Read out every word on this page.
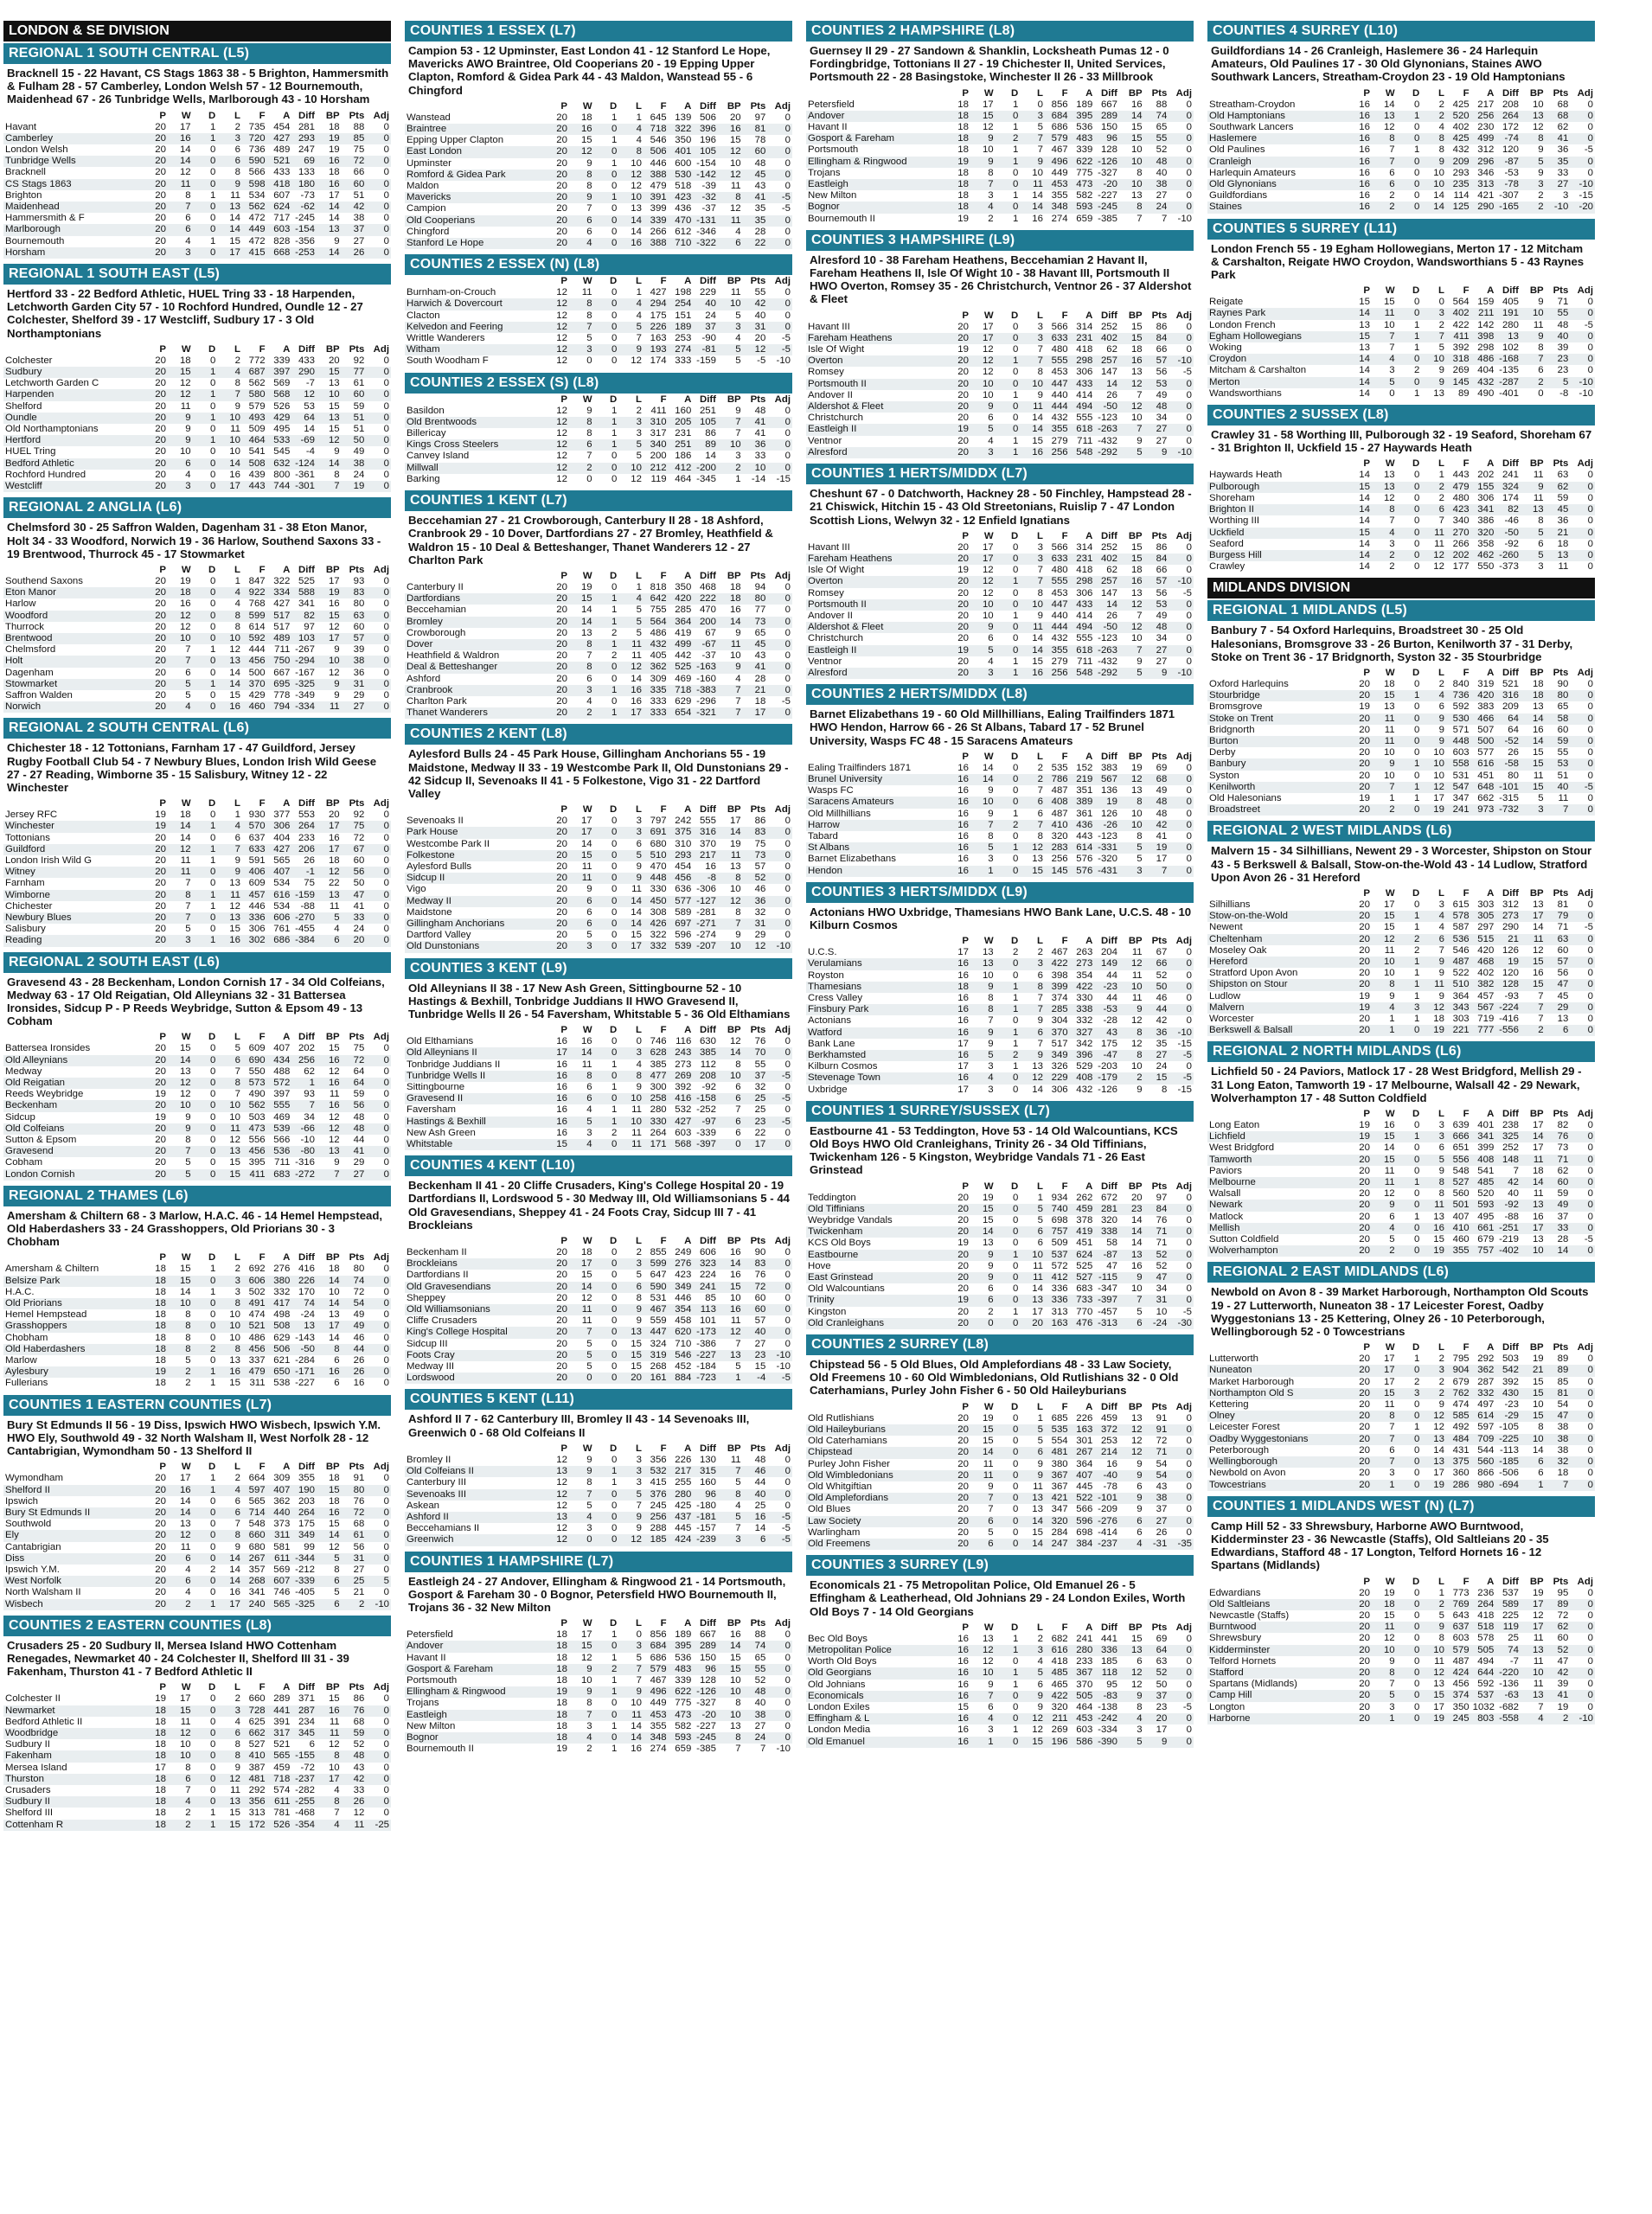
LONDON & SE DIVISION
REGIONAL 1 SOUTH CENTRAL (L5)
Bracknell 15 - 22 Havant, CS Stags 1863 38 - 5 Brighton, Hammersmith & Fulham 28 - 57 Camberley, London Welsh 57 - 12 Bournemouth, Maidenhead 67 - 26 Tunbridge Wells, Marlborough 43 - 10 Horsham
	P	W	D	L	F	A	Diff	BP	Pts	Adj
Havant	20	17	1	2	735	454	281	18	88	0
Camberley	20	16	1	3	720	427	293	19	85	0
London Welsh	20	14	0	6	736	489	247	19	75	0
Tunbridge Wells	20	14	0	6	590	521	69	16	72	0
Bracknell	20	12	0	8	566	433	133	18	66	0
CS Stags 1863	20	11	0	9	598	418	180	16	60	0
Brighton	20	8	1	11	534	607	-73	17	51	0
Maidenhead	20	7	0	13	562	624	-62	14	42	0
Hammersmith & F	20	6	0	14	472	717	-245	14	38	0
Marlborough	20	6	0	14	449	603	-154	13	37	0
Bournemouth	20	4	1	15	472	828	-356	9	27	0
Horsham	20	3	0	17	415	668	-253	14	26	0
REGIONAL 1 SOUTH EAST (L5)
Hertford 33 - 22 Bedford Athletic, HUEL Tring 33 - 18 Harpenden, Letchworth Garden City 57 - 10 Rochford Hundred, Oundle 12 - 27 Colchester, Shelford 39 - 17 Westcliff, Sudbury 17 - 3 Old Northamptonians
	P	W	D	L	F	A	Diff	BP	Pts	Adj
Colchester	20	18	0	2	772	339	433	20	92	0
Sudbury	20	15	1	4	687	397	290	15	77	0
Letchworth Garden C	20	12	0	8	562	569	-7	13	61	0
Harpenden	20	12	1	7	580	568	12	10	60	0
Shelford	20	11	0	9	579	526	53	15	59	0
Oundle	20	9	1	10	493	429	64	13	51	0
Old Northamptonians	20	9	0	11	509	495	14	15	51	0
Hertford	20	9	1	10	464	533	-69	12	50	0
HUEL Tring	20	10	0	10	541	545	-4	9	49	0
Bedford Athletic	20	6	0	14	508	632	-124	14	38	0
Rochford Hundred	20	4	0	16	439	800	-361	8	24	0
Westcliff	20	3	0	17	443	744	-301	7	19	0
REGIONAL 2 ANGLIA (L6)
Chelmsford 30 - 25 Saffron Walden, Dagenham 31 - 38 Eton Manor, Holt 34 - 33 Woodford, Norwich 19 - 36 Harlow, Southend Saxons 33 - 19 Brentwood, Thurrock 45 - 17 Stowmarket
	P	W	D	L	F	A	Diff	BP	Pts	Adj
Southend Saxons	20	19	0	1	847	322	525	17	93	0
Eton Manor	20	18	0	4	922	334	588	19	83	0
Harlow	20	16	0	4	768	427	341	16	80	0
Woodford	20	12	0	8	599	517	82	15	63	0
Thurrock	20	12	0	8	614	517	97	12	60	0
Brentwood	20	10	0	10	592	489	103	17	57	0
Chelmsford	20	7	1	12	444	711	-267	9	39	0
Holt	20	7	0	13	456	750	-294	10	38	0
Dagenham	20	6	0	14	500	667	-167	12	36	0
Stowmarket	20	5	1	14	370	695	-325	9	31	0
Saffron Walden	20	5	0	15	429	778	-349	9	29	0
Norwich	20	4	0	16	460	794	-334	11	27	0
REGIONAL 2 SOUTH CENTRAL (L6)
Chichester 18 - 12 Tottonians, Farnham 17 - 47 Guildford, Jersey Rugby Football Club 54 - 7 Newbury Blues, London Irish Wild Geese 27 - 27 Reading, Wimborne 35 - 15 Salisbury, Witney 12 - 22 Winchester
	P	W	D	L	F	A	Diff	BP	Pts	Adj
Jersey RFC	19	18	0	1	930	377	553	20	92	0
Winchester	19	14	1	4	570	306	264	17	75	0
Tottonians	20	14	0	6	637	404	233	16	72	0
Guildford	20	12	1	7	633	427	206	17	67	0
London Irish Wild G	20	11	1	9	591	565	26	18	60	0
Witney	20	11	0	9	406	407	-1	12	56	0
Farnham	20	7	0	13	609	534	75	22	50	0
Wimborne	20	8	1	11	457	616	-159	13	47	0
Chichester	20	7	1	12	446	534	-88	11	41	0
Newbury Blues	20	7	0	13	336	606	-270	5	33	0
Salisbury	20	5	0	15	306	761	-455	4	24	0
Reading	20	3	1	16	302	686	-384	6	20	0
REGIONAL 2 SOUTH EAST (L6)
Gravesend 43 - 28 Beckenham, London Cornish 17 - 34 Old Colfeians, Medway 63 - 17 Old Reigatian, Old Alleynians 32 - 31 Battersea Ironsides, Sidcup P - P Reeds Weybridge, Sutton & Epsom 49 - 13 Cobham
	P	W	D	L	F	A	Diff	BP	Pts	Adj
Battersea Ironsides	20	15	0	5	609	407	202	15	75	0
Old Alleynians	20	14	0	6	690	434	256	16	72	0
Medway	20	13	0	7	550	488	62	12	64	0
Old Reigatian	20	12	0	8	573	572	1	16	64	0
Reeds Weybridge	19	12	0	7	490	397	93	11	59	0
Beckenham	20	10	0	10	562	555	7	16	56	0
Sidcup	19	9	0	10	503	469	34	12	48	0
Old Colfeians	20	9	0	11	473	539	-66	12	48	0
Sutton & Epsom	20	8	0	12	556	566	-10	12	44	0
Gravesend	20	7	0	13	456	536	-80	13	41	0
Cobham	20	5	0	15	395	711	-316	9	29	0
London Cornish	20	5	0	15	411	683	-272	7	27	0
REGIONAL 2 THAMES (L6)
Amersham & Chiltern 68 - 3 Marlow, H.A.C. 46 - 14 Hemel Hempstead, Old Haberdashers 33 - 24 Grasshoppers, Old Priorians 30 - 3 Chobham
	P	W	D	L	F	A	Diff	BP	Pts	Adj
Amersham & Chiltern	18	15	1	2	692	276	416	18	80	0
Belsize Park	18	15	0	3	606	380	226	14	74	0
H.A.C.	18	14	1	3	502	332	170	10	72	0
Old Priorians	18	10	0	8	491	417	74	14	54	0
Hemel Hempstead	18	8	0	10	474	498	-24	13	49	0
Grasshoppers	18	8	0	10	521	508	13	17	49	0
Chobham	18	8	0	10	486	629	-143	14	46	0
Old Haberdashers	18	8	2	8	456	506	-50	8	44	0
Marlow	18	5	0	13	337	621	-284	6	26	0
Aylesbury	19	2	1	16	479	650	-171	16	26	0
Fullerians	18	2	1	15	311	538	-227	6	16	0
COUNTIES 1 EASTERN COUNTIES (L7)
Bury St Edmunds II 56 - 19 Diss, Ipswich HWO Wisbech, Ipswich Y.M. HWO Ely, Southwold 49 - 32 North Walsham II, West Norfolk 28 - 12 Cantabrigian, Wymondham 50 - 13 Shelford II
	P	W	D	L	F	A	Diff	BP	Pts	Adj
Wymondham	20	17	1	2	664	309	355	18	91	0
Shelford II	20	16	1	4	597	407	190	15	80	0
Ipswich	20	14	0	6	565	362	203	18	76	0
Bury St Edmunds II	20	14	0	6	714	440	264	16	72	0
Southwold	20	13	0	7	548	373	175	15	68	0
Ely	20	12	0	8	660	311	349	14	61	0
Cantabrigian	20	11	0	9	680	581	99	12	56	0
Diss	20	6	0	14	267	611	-344	5	31	0
Ipswich Y.M.	20	4	2	14	357	569	-212	8	27	0
West Norfolk	20	6	0	14	268	607	-339	6	25	5
North Walsham II	20	4	0	16	341	746	-405	5	21	0
Wisbech	20	2	1	17	240	565	-325	6	2	-10
COUNTIES 2 EASTERN COUNTIES (L8)
Crusaders 25 - 20 Sudbury II, Mersea Island HWO Cottenham Renegades, Newmarket 40 - 24 Colchester II, Shelford III 31 - 39 Fakenham, Thurston 41 - 7 Bedford Athletic II
	P	W	D	L	F	A	Diff	BP	Pts	Adj
Colchester II	19	17	0	2	660	289	371	15	86	0
Newmarket	18	15	0	3	728	441	287	16	76	0
Bedford Athletic II	18	11	0	4	625	391	234	11	68	0
Woodbridge	18	12	0	6	662	317	345	11	59	0
Sudbury II	18	10	0	8	527	521	6	12	52	0
Fakenham	18	10	0	8	410	565	-155	8	48	0
Mersea Island	17	8	0	9	387	459	-72	10	43	0
Thurston	18	6	0	12	481	718	-237	17	42	0
Crusaders	18	7	0	11	292	574	-282	4	33	0
Sudbury II	18	4	0	13	356	611	-255	8	26	0
Shelford III	18	2	1	15	313	781	-468	7	12	0
Cottenham R	18	2	1	15	172	526	-354	4	11	-25
COUNTIES 1 ESSEX (L7)
Campion 53 - 12 Upminster, East London 41 - 12 Stanford Le Hope, Mavericks AWO Braintree, Old Cooperians 20 - 19 Epping Upper Clapton, Romford & Gidea Park 44 - 43 Maldon, Wanstead 55 - 6 Chingford
	P	W	D	L	F	A	Diff	BP	Pts	Adj
Wanstead	20	18	1	1	645	139	506	20	97	0
Braintree	20	16	0	4	718	322	396	16	81	0
Epping Upper Clapton	20	15	1	4	546	350	196	15	78	0
East London	20	12	0	8	506	401	105	12	60	0
Upminster	20	9	1	10	446	600	-154	10	48	0
Romford & Gidea Park	20	8	0	12	388	530	-142	12	45	0
Maldon	20	8	0	12	479	518	-39	11	43	0
Mavericks	20	9	1	10	391	423	-32	8	41	-5
Campion	20	7	0	13	399	436	-37	12	35	-5
Old Cooperians	20	6	0	14	339	470	-131	11	35	0
Chingford	20	6	0	14	266	612	-346	4	28	0
Stanford Le Hope	20	4	0	16	388	710	-322	6	22	0
COUNTIES 2 ESSEX (N) (L8)
	P	W	D	L	F	A	Diff	BP	Pts	Adj
Burnham-on-Crouch	12	11	0	1	427	198	229	11	55	0
Harwich & Dovercourt	12	8	0	4	294	254	40	10	42	0
Clacton	12	8	0	4	175	151	24	5	40	0
Kelvedon and Feering	12	7	0	5	226	189	37	3	31	0
Writtle Wanderers	12	5	0	7	163	253	-90	4	20	-5
Witham	12	3	0	9	193	274	-81	5	12	-5
South Woodham F	12	0	0	12	174	333	-159	5	-5	-10
COUNTIES 2 ESSEX (S) (L8)
	P	W	D	L	F	A	Diff	BP	Pts	Adj
Basildon	12	9	1	2	411	160	251	9	48	0
Old Brentwoods	12	8	1	3	310	205	105	7	41	0
Billericay	12	8	1	3	317	231	86	7	41	0
Kings Cross Steelers	12	6	1	5	340	251	89	10	36	0
Canvey Island	12	7	0	5	200	186	14	3	33	0
Millwall	12	2	0	10	212	412	-200	2	10	0
Barking	12	0	0	12	119	464	-345	1	-14	-15
COUNTIES 1 KENT (L7)
Beccehamian 27 - 21 Crowborough, Canterbury II 28 - 18 Ashford, Cranbrook 29 - 10 Dover, Dartfordians 27 - 27 Bromley, Heathfield & Waldron 15 - 10 Deal & Betteshanger, Thanet Wanderers 12 - 27 Charlton Park
	P	W	D	L	F	A	Diff	BP	Pts	Adj
Canterbury II	20	19	0	1	818	350	468	18	94	0
Dartfordians	20	15	1	4	642	420	222	18	80	0
Beccehamian	20	14	1	5	755	285	470	16	77	0
Bromley	20	14	1	5	564	364	200	14	73	0
Crowborough	20	13	2	5	486	419	67	9	65	0
Dover	20	8	1	11	432	499	-67	11	45	0
Heathfield & Waldron	20	7	2	11	405	442	-37	10	43	0
Deal & Betteshanger	20	8	0	12	362	525	-163	9	41	0
Ashford	20	6	0	14	309	469	-160	4	28	0
Cranbrook	20	3	1	16	335	718	-383	7	21	0
Charlton Park	20	4	0	16	333	629	-296	7	18	-5
Thanet Wanderers	20	2	1	17	333	654	-321	7	17	0
COUNTIES 2 KENT (L8)
Aylesford Bulls 24 - 45 Park House, Gillingham Anchorians 55 - 19 Maidstone, Medway II 33 - 19 Westcombe Park II, Old Dunstonians 29 - 42 Sidcup II, Sevenoaks II 41 - 5 Folkestone, Vigo 31 - 22 Dartford Valley
	P	W	D	L	F	A	Diff	BP	Pts	Adj
Sevenoaks II	20	17	0	3	797	242	555	17	86	0
Park House	20	17	0	3	691	375	316	14	83	0
Westcombe Park II	20	14	0	6	680	310	370	19	75	0
Folkestone	20	15	0	5	510	293	217	11	73	0
Aylesford Bulls	20	11	0	9	470	454	16	13	57	0
Sidcup II	20	11	0	9	448	456	-8	8	52	0
Vigo	20	9	0	11	330	636	-306	10	46	0
Medway II	20	6	0	14	450	577	-127	12	36	0
Maidstone	20	6	0	14	308	589	-281	8	32	0
Gillingham Anchorians	20	6	0	14	426	697	-271	7	31	0
Dartford Valley	20	5	0	15	322	596	-274	9	29	0
Old Dunstonians	20	3	0	17	332	539	-207	10	12	-10
COUNTIES 3 KENT (L9)
Old Alleynians II 38 - 17 New Ash Green, Sittingbourne 52 - 10 Hastings & Bexhill, Tonbridge Juddians II HWO Gravesend II, Tunbridge Wells II 26 - 54 Faversham, Whitstable 5 - 36 Old Elthamians
	P	W	D	L	F	A	Diff	BP	Pts	Adj
Old Elthamians	16	16	0	0	746	116	630	12	76	0
Old Alleynians II	17	14	0	3	628	243	385	14	70	0
Tonbridge Juddians II	16	11	1	4	385	273	112	8	55	0
Tunbridge Wells II	16	8	0	8	477	269	208	10	37	-5
Sittingbourne	16	6	1	9	300	392	-92	6	32	0
Gravesend II	16	6	0	10	258	416	-158	6	25	-5
Faversham	16	4	1	11	280	532	-252	7	25	0
Hastings & Bexhill	16	5	1	10	330	427	-97	6	23	-5
New Ash Green	16	3	2	11	264	603	-339	6	22	0
Whitstable	15	4	0	11	171	568	-397	0	17	0
COUNTIES 4 KENT (L10)
Beckenham II 41 - 20 Cliffe Crusaders, King's College Hospital 20 - 19 Dartfordians II, Lordswood 5 - 30 Medway III, Old Williamsonians 5 - 44 Old Gravesendians, Sheppey 41 - 24 Foots Cray, Sidcup III 7 - 41 Brockleians
	P	W	D	L	F	A	Diff	BP	Pts	Adj
Beckenham II	20	18	0	2	855	249	606	16	90	0
Brockleians	20	17	0	3	599	276	323	14	83	0
Dartfordians II	20	15	0	5	647	423	224	16	76	0
Old Gravesendians	20	14	0	6	590	349	241	15	72	0
Sheppey	20	12	0	8	531	446	85	10	60	0
Old Williamsonians	20	11	0	9	467	354	113	16	60	0
Cliffe Crusaders	20	11	0	9	559	458	101	11	57	0
King's College Hospital	20	7	0	13	447	620	-173	12	40	0
Sidcup III	20	5	0	15	324	710	-386	7	27	0
Foots Cray	20	5	0	15	319	546	-227	13	23	-10
Medway III	20	5	0	15	268	452	-184	5	15	-10
Lordswood	20	0	0	20	161	884	-723	1	-4	-5
COUNTIES 5 KENT (L11)
Ashford II 7 - 62 Canterbury III, Bromley II 43 - 14 Sevenoaks III, Greenwich 0 - 68 Old Colfeians II
	P	W	D	L	F	A	Diff	BP	Pts	Adj
Bromley II	12	9	0	3	356	226	130	11	48	0
Old Colfeians II	13	9	1	3	532	217	315	7	46	0
Canterbury III	12	8	1	3	415	255	160	5	44	0
Sevenoaks III	12	7	0	5	376	280	96	8	40	0
Askean	12	5	0	7	245	425	-180	4	25	0
Ashford II	13	4	0	9	256	437	-181	5	16	-5
Beccehamians II	12	3	0	9	288	445	-157	7	14	-5
Greenwich	12	0	0	12	185	424	-239	3	6	-5
COUNTIES 1 HAMPSHIRE (L7)
Eastleigh 24 - 27 Andover, Ellingham & Ringwood 21 - 14 Portsmouth, Gosport & Fareham 30 - 0 Bognor, Petersfield HWO Bournemouth II, Trojans 36 - 32 New Milton
	P	W	D	L	F	A	Diff	BP	Pts	Adj
Petersfield	18	17	1	0	856	189	667	16	88	0
Andover	18	15	0	3	684	395	289	14	74	0
Havant II	18	12	1	5	686	536	150	15	65	0
Gosport & Fareham	18	9	2	7	579	483	96	15	55	0
Portsmouth	18	10	1	7	467	339	128	10	52	0
Ellingham & Ringwood	19	9	1	9	496	622	-126	10	48	0
Trojans	18	8	0	10	449	775	-327	8	40	0
Eastleigh	18	7	0	11	453	473	-20	10	38	0
New Milton	18	3	1	14	355	582	-227	13	27	0
Bognor	18	4	0	14	348	593	-245	8	24	0
Bournemouth II	19	2	1	16	274	659	-385	7	7	-10
COUNTIES 2 HAMPSHIRE (L8)
Guernsey II 29 - 27 Sandown & Shanklin, Locksheath Pumas 12 - 0 Fordingbridge, Tottonians II 27 - 19 Chichester II, United Services, Portsmouth 22 - 28 Basingstoke, Winchester II 26 - 33 Millbrook
	P	W	D	L	F	A	Diff	BP	Pts	Adj
Petersfield	18	17	1	0	856	189	667	16	88	0
Andover	18	15	0	3	684	395	289	14	74	0
Havant II	18	12	1	5	686	536	150	15	65	0
Gosport & Fareham	18	9	2	7	579	483	96	15	55	0
Portsmouth	18	10	1	7	467	339	128	10	52	0
Ellingham & Ringwood	19	9	1	9	496	622	-126	10	48	0
Trojans	18	8	0	10	449	775	-327	8	40	0
Eastleigh	18	7	0	11	453	473	-20	10	38	0
New Milton	18	3	1	14	355	582	-227	13	27	0
Bognor	18	4	0	14	348	593	-245	8	24	0
Bournemouth II	19	2	1	16	274	659	-385	7	7	-10
COUNTIES 3 HAMPSHIRE (L9)
Alresford 10 - 38 Fareham Heathens, Beccehamian 2 Havant II, Fareham Heathens II, Isle Of Wight 10 - 38 Havant III, Portsmouth II HWO Overton, Romsey 35 - 26 Christchurch, Ventnor 26 - 37 Aldershot & Fleet
	P	W	D	L	F	A	Diff	BP	Pts	Adj
Havant III	20	17	0	3	566	314	252	15	86	0
Fareham Heathens	20	17	0	3	633	231	402	15	84	0
Isle Of Wight	19	12	0	7	480	418	62	18	66	0
Overton	20	12	1	7	555	298	257	16	57	-10
Romsey	20	12	0	8	453	306	147	13	56	-5
Portsmouth II	20	10	0	10	447	433	14	12	53	0
Andover II	20	10	1	9	440	414	26	7	49	0
Aldershot & Fleet	20	9	0	11	444	494	-50	12	48	0
Christchurch	20	6	0	14	432	555	-123	10	34	0
Eastleigh II	19	5	0	14	355	618	-263	7	27	0
Ventnor	20	4	1	15	279	711	-432	9	27	0
Alresford	20	3	1	16	256	548	-292	5	9	-10
COUNTIES 1 HERTS/MIDDX (L7)
Cheshunt 67 - 0 Datchworth, Hackney 28 - 50 Finchley, Hampstead 28 - 21 Chiswick, Hitchin 15 - 43 Old Streetonians, Ruislip 7 - 47 London Scottish Lions, Welwyn 32 - 12 Enfield Ignatians
	P	W	D	L	F	A	Diff	BP	Pts	Adj
Havant III	20	17	0	3	566	314	252	15	86	0
Fareham Heathens	20	17	0	3	633	231	402	15	84	0
Isle Of Wight	19	12	0	7	480	418	62	18	66	0
Overton	20	12	1	7	555	298	257	16	57	-10
Romsey	20	12	0	8	453	306	147	13	56	-5
Portsmouth II	20	10	0	10	447	433	14	12	53	0
Andover II	20	10	1	9	440	414	26	7	49	0
Aldershot & Fleet	20	9	0	11	444	494	-50	12	48	0
Christchurch	20	6	0	14	432	555	-123	10	34	0
Eastleigh II	19	5	0	14	355	618	-263	7	27	0
Ventnor	20	4	1	15	279	711	-432	9	27	0
Alresford	20	3	1	16	256	548	-292	5	9	-10
COUNTIES 2 HERTS/MIDDX (L8)
Barnet Elizabethans 19 - 60 Old Millhillians, Ealing Trailfinders 1871 HWO Hendon, Harrow 66 - 26 St Albans, Tabard 17 - 52 Brunel University, Wasps FC 48 - 15 Saracens Amateurs
	P	W	D	L	F	A	Diff	BP	Pts	Adj
Ealing Trailfinders 1871	16	14	0	2	535	152	383	19	69	0
Brunel University	16	14	0	2	786	219	567	12	68	0
Wasps FC	16	9	0	7	487	351	136	13	49	0
Saracens Amateurs	16	10	0	6	408	389	19	8	48	0
Old Millhillians	16	9	1	6	487	361	126	10	48	0
Harrow	16	7	2	7	410	436	-26	10	42	0
Tabard	16	8	0	8	320	443	-123	8	41	0
St Albans	16	5	1	12	283	614	-331	5	19	0
Barnet Elizabethans	16	3	0	13	256	576	-320	5	17	0
Hendon	16	1	0	15	145	576	-431	3	7	0
COUNTIES 3 HERTS/MIDDX (L9)
Actonians HWO Uxbridge, Thamesians HWO Bank Lane, U.C.S. 48 - 10 Kilburn Cosmos
	P	W	D	L	F	A	Diff	BP	Pts	Adj
U.C.S.	17	13	2	2	467	263	204	11	67	0
Verulamians	16	13	0	3	422	273	149	12	66	0
Royston	16	10	0	6	398	354	44	11	52	0
Thamesians	18	9	1	8	399	422	-23	10	50	0
Cress Valley	16	8	1	7	374	330	44	11	46	0
Finsbury Park	16	8	1	7	285	338	-53	9	44	0
Actonians	16	7	0	9	304	332	-28	12	42	0
Watford	16	9	1	6	370	327	43	8	36	-10
Bank Lane	17	9	1	7	517	342	175	12	35	-15
Berkhamsted	16	5	2	9	349	396	-47	8	27	-5
Kilburn Cosmos	17	3	1	13	326	529	-203	10	24	0
Stevenage Town	16	4	0	12	229	408	-179	2	15	-5
Uxbridge	17	3	0	14	306	432	-126	9	8	-15
COUNTIES 1 SURREY/SUSSEX (L7)
Eastbourne 41 - 53 Teddington, Hove 53 - 14 Old Walcountians, KCS Old Boys HWO Old Cranleighans, Trinity 26 - 34 Old Tiffinians, Twickenham 126 - 5 Kingston, Weybridge Vandals 71 - 26 East Grinstead
	P	W	D	L	F	A	Diff	BP	Pts	Adj
Teddington	20	19	0	1	934	262	672	20	97	0
Old Tiffinians	20	15	0	5	740	459	281	23	84	0
Weybridge Vandals	20	15	0	5	698	378	320	14	76	0
Twickenham	20	14	0	6	757	419	338	14	71	0
KCS Old Boys	19	13	0	6	509	451	58	14	71	0
Eastbourne	20	9	1	10	537	624	-87	13	52	0
Hove	20	9	0	11	572	525	47	16	52	0
East Grinstead	20	9	0	11	412	527	-115	9	47	0
Old Walcountians	20	6	0	14	336	683	-347	10	34	0
Trinity	19	6	0	13	336	733	-397	7	31	0
Kingston	20	2	1	17	313	770	-457	5	10	-5
Old Cranleighans	20	0	0	20	163	476	-313	6	-24	-30
COUNTIES 2 SURREY (L8)
Chipstead 56 - 5 Old Blues, Old Amplefordians 48 - 33 Law Society, Old Freemens 10 - 60 Old Wimbledonians, Old Rutlishians 32 - 0 Old Caterhamians, Purley John Fisher 6 - 50 Old Haileyburians
	P	W	D	L	F	A	Diff	BP	Pts	Adj
Old Rutlishians	20	19	0	1	685	226	459	13	91	0
Old Haileyburians	20	15	0	5	535	163	372	12	91	0
Old Caterhamians	20	15	0	5	554	301	253	12	72	0
Chipstead	20	14	0	6	481	267	214	12	71	0
Purley John Fisher	20	11	0	9	380	364	16	9	54	0
Old Wimbledonians	20	11	0	9	367	407	-40	9	54	0
Old Whitgiftian	20	9	0	11	367	445	-78	6	43	0
Old Amplefordians	20	7	0	13	421	522	-101	9	38	0
Old Blues	20	7	0	13	347	566	-209	9	37	0
Law Society	20	6	0	14	320	596	-276	6	27	0
Warlingham	20	5	0	15	284	698	-414	6	26	0
Old Freemens	20	6	0	14	247	384	-237	4	-31	-35
COUNTIES 3 SURREY (L9)
Economicals 21 - 75 Metropolitan Police, Old Emanuel 26 - 5 Effingham & Leatherhead, Old Johnians 29 - 24 London Exiles, Worth Old Boys 7 - 14 Old Georgians
	P	W	D	L	F	A	Diff	BP	Pts	Adj
Bec Old Boys	16	13	1	2	682	241	441	15	69	0
Metropolitan Police	16	12	1	3	616	280	336	13	64	0
Worth Old Boys	16	12	0	4	418	233	185	6	63	0
Old Georgians	16	10	1	5	485	367	118	12	52	0
Old Johnians	16	9	1	6	465	370	95	12	50	0
Economicals	16	7	0	9	422	505	-83	9	37	0
London Exiles	15	6	0	9	320	464	-138	8	23	-5
Effingham & L	16	4	0	12	211	453	-242	4	20	0
London Media	16	3	1	12	269	603	-334	3	17	0
Old Emanuel	16	1	0	15	196	586	-390	5	9	0
COUNTIES 4 SURREY (L10)
Guildfordians 14 - 26 Cranleigh, Haslemere 36 - 24 Harlequin Amateurs, Old Paulines 17 - 30 Old Glynonians, Staines AWO Southwark Lancers, Streatham-Croydon 23 - 19 Old Hamptonians
	P	W	D	L	F	A	Diff	BP	Pts	Adj
Streatham-Croydon	16	14	0	2	425	217	208	10	68	0
Old Hamptonians	16	13	1	2	520	256	264	13	68	0
Southwark Lancers	16	12	0	4	402	230	172	12	62	0
Haslemere	16	8	0	8	425	499	-74	8	41	0
Old Paulines	16	7	1	8	432	312	120	9	36	-5
Cranleigh	16	7	0	9	209	296	-87	5	35	0
Harlequin Amateurs	16	6	0	10	293	346	-53	9	33	0
Old Glynonians	16	6	0	10	235	313	-78	3	27	-10
Guildfordians	16	2	0	14	114	421	-307	2	3	-15
Staines	16	2	0	14	125	290	-165	2	-10	-20
COUNTIES 5 SURREY (L11)
London French 55 - 19 Egham Hollowegians, Merton 17 - 12 Mitcham & Carshalton, Reigate HWO Croydon, Wandsworthians 5 - 43 Raynes Park
	P	W	D	L	F	A	Diff	BP	Pts	Adj
Reigate	15	15	0	0	564	159	405	9	71	0
Raynes Park	14	11	0	3	402	211	191	10	55	0
London French	13	10	1	2	422	142	280	11	48	-5
Egham Hollowegians	15	7	1	7	411	398	13	9	40	0
Woking	13	7	1	5	392	298	102	8	39	0
Croydon	14	4	0	10	318	486	-168	7	23	0
Mitcham & Carshalton	14	3	2	9	269	404	-135	6	23	0
Merton	14	5	0	9	145	432	-287	2	5	-10
Wandsworthians	14	0	1	13	89	490	-401	0	-8	-10
COUNTIES 2 SUSSEX (L8)
Crawley 31 - 58 Worthing III, Pulborough 32 - 19 Seaford, Shoreham 67 - 31 Brighton II, Uckfield 15 - 27 Haywards Heath
	P	W	D	L	F	A	Diff	BP	Pts	Adj
Haywards Heath	14	13	0	1	443	202	241	11	63	0
Pulborough	15	13	0	2	479	155	324	9	62	0
Shoreham	14	12	0	2	480	306	174	11	59	0
Brighton II	14	8	0	6	423	341	82	13	45	0
Worthing III	14	7	0	7	340	386	-46	8	36	0
Uckfield	15	4	0	11	270	320	-50	5	21	0
Seaford	14	3	0	11	266	358	-92	6	18	0
Burgess Hill	14	2	0	12	202	462	-260	5	13	0
Crawley	14	2	0	12	177	550	-373	3	11	0
MIDLANDS DIVISION
REGIONAL 1 MIDLANDS (L5)
Banbury 7 - 54 Oxford Harlequins, Broadstreet 30 - 25 Old Halesonians, Bromsgrove 33 - 26 Burton, Kenilworth 37 - 31 Derby, Stoke on Trent 36 - 17 Bridgnorth, Syston 32 - 35 Stourbridge
	P	W	D	L	F	A	Diff	BP	Pts	Adj
Oxford Harlequins	20	18	0	2	840	319	521	18	90	0
Stourbridge	20	15	1	4	736	420	316	18	80	0
Bromsgrove	19	13	0	6	592	383	209	13	65	0
Stoke on Trent	20	11	0	9	530	466	64	14	58	0
Bridgnorth	20	11	0	9	571	507	64	16	60	0
Burton	20	11	0	9	448	500	-52	14	59	0
Derby	20	10	0	10	603	577	26	15	55	0
Banbury	20	9	1	10	558	616	-58	15	53	0
Syston	20	10	0	10	531	451	80	11	51	0
Kenilworth	20	7	1	12	547	648	-101	15	40	-5
Old Halesonians	19	1	1	17	347	662	-315	5	11	0
Broadstreet	20	2	0	19	241	973	-732	3	7	0
REGIONAL 2 WEST MIDLANDS (L6)
Malvern 15 - 34 Silhillians, Newent 29 - 3 Worcester, Shipston on Stour 43 - 5 Berkswell & Balsall, Stow-on-the-Wold 43 - 14 Ludlow, Stratford Upon Avon 26 - 31 Hereford
	P	W	D	L	F	A	Diff	BP	Pts	Adj
Silhillians	20	17	0	3	615	303	312	13	81	0
Stow-on-the-Wold	20	15	1	4	578	305	273	17	79	0
Newent	20	15	1	4	587	297	290	14	71	-5
Cheltenham	20	12	2	6	536	515	21	11	63	0
Moseley Oak	20	11	2	7	546	420	126	12	60	0
Hereford	20	10	1	9	487	468	19	15	57	0
Stratford Upon Avon	20	10	1	9	522	402	120	16	56	0
Shipston on Stour	20	8	1	11	510	382	128	15	47	0
Ludlow	19	9	1	9	364	457	-93	7	45	0
Malvern	19	4	3	12	343	567	-224	7	29	0
Worcester	20	1	1	18	303	719	-416	7	13	0
Berkswell & Balsall	20	1	0	19	221	777	-556	2	6	0
REGIONAL 2 NORTH MIDLANDS (L6)
Lichfield 50 - 24 Paviors, Matlock 17 - 28 West Bridgford, Mellish 29 - 31 Long Eaton, Tamworth 19 - 17 Melbourne, Walsall 42 - 29 Newark, Wolverhampton 17 - 48 Sutton Coldfield
	P	W	D	L	F	A	Diff	BP	Pts	Adj
Long Eaton	19	16	0	3	639	401	238	17	82	0
Lichfield	19	15	1	3	666	341	325	14	76	0
West Bridgford	20	14	0	6	651	399	252	17	73	0
Tamworth	20	15	0	5	556	408	148	11	71	0
Paviors	20	11	0	9	548	541	7	18	62	0
Melbourne	20	11	1	8	527	485	42	14	60	0
Walsall	20	12	0	8	560	520	40	11	59	0
Newark	20	9	0	11	501	593	-92	13	49	0
Matlock	20	6	1	13	407	495	-88	16	37	0
Mellish	20	4	0	16	410	661	-251	17	33	0
Sutton Coldfield	20	5	0	15	460	679	-219	13	28	-5
Wolverhampton	20	2	0	19	355	757	-402	10	14	0
REGIONAL 2 EAST MIDLANDS (L6)
Newbold on Avon 8 - 39 Market Harborough, Northampton Old Scouts 19 - 27 Lutterworth, Nuneaton 38 - 17 Leicester Forest, Oadby Wyggestonians 13 - 25 Kettering, Olney 26 - 10 Peterborough, Wellingborough 52 - 0 Towcestrians
	P	W	D	L	F	A	Diff	BP	Pts	Adj
Lutterworth	20	17	1	2	795	292	503	19	89	0
Nuneaton	20	17	0	3	904	362	542	21	89	0
Market Harborough	20	17	2	2	679	287	392	15	85	0
Northampton Old S	20	15	3	2	762	332	430	15	81	0
Kettering	20	11	0	9	474	497	-23	10	54	0
Olney	20	8	0	12	585	614	-29	15	47	0
Leicester Forest	20	7	1	12	492	597	-105	8	38	0
Oadby Wyggestonians	20	7	0	13	484	709	-225	10	38	0
Peterborough	20	6	0	14	431	544	-113	14	38	0
Wellingborough	20	7	0	13	375	560	-185	6	32	0
Newbold on Avon	20	3	0	17	360	866	-506	6	18	0
Towcestrians	20	1	0	19	286	980	-694	1	7	0
COUNTIES 1 MIDLANDS WEST (N) (L7)
Camp Hill 52 - 33 Shrewsbury, Harborne AWO Burntwood, Kidderminster 23 - 36 Newcastle (Staffs), Old Saltleians 20 - 35 Edwardians, Stafford 48 - 17 Longton, Telford Hornets 16 - 12 Spartans (Midlands)
	P	W	D	L	F	A	Diff	BP	Pts	Adj
Edwardians	20	19	0	1	773	236	537	19	95	0
Old Saltleians	20	18	0	2	769	264	589	17	89	0
Newcastle (Staffs)	20	15	0	5	643	418	225	12	72	0
Burntwood	20	11	0	9	637	518	119	17	62	0
Shrewsbury	20	12	0	8	603	578	25	11	60	0
Kidderminster	20	10	0	10	579	505	74	13	52	0
Telford Hornets	20	9	0	11	487	494	-7	11	47	0
Stafford	20	8	0	12	424	644	-220	10	42	0
Spartans (Midlands)	20	7	0	13	456	592	-136	11	39	0
Camp Hill	20	5	0	15	374	537	-63	13	41	0
Longton	20	3	0	17	350	1032	-682	7	19	0
Harborne	20	1	0	19	245	803	-558	4	2	-10
